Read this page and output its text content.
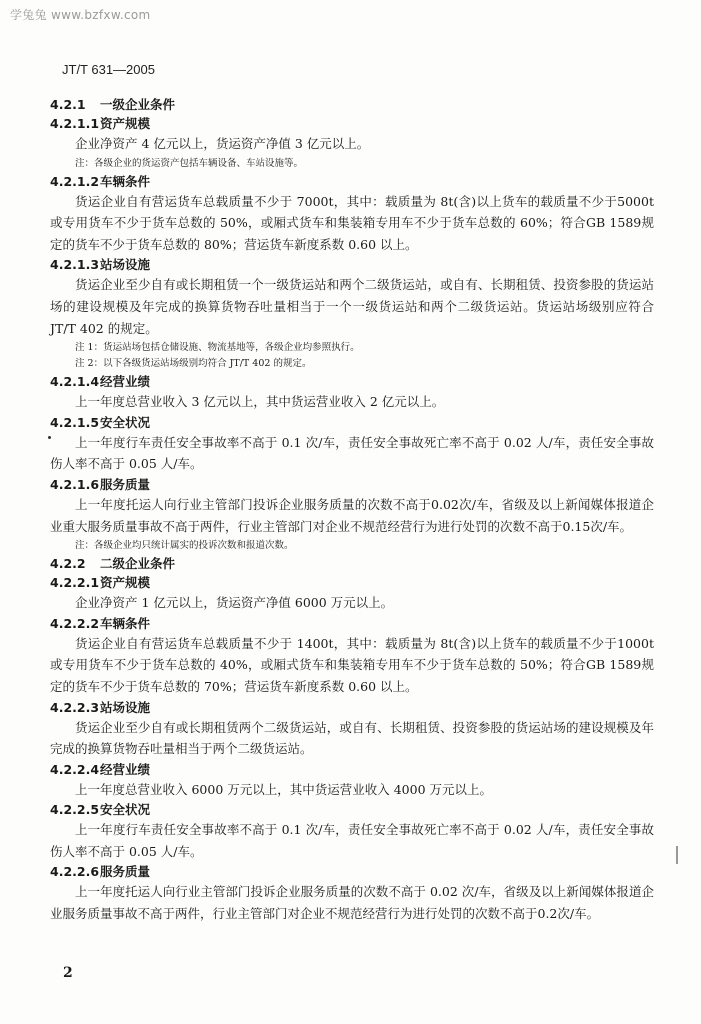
学兔兔 www.bzfxw.com
JT/T 631—2005
4.2.1 一级企业条件
4.2.1.1资产规模
企业净资产 4 亿元以上，货运资产净值 3 亿元以上。
注：各级企业的货运资产包括车辆设备、车站设施等。
4.2.1.2车辆条件
货运企业自有营运货车总载质量不少于 7000t，其中：载质量为 8t(含)以上货车的载质量不少于5000t或专用货车不少于货车总数的 50%，或厢式货车和集装箱专用车不少于货车总数的 60%；符合GB 1589规定的货车不少于货车总数的 80%；营运货车新度系数 0.60 以上。
4.2.1.3站场设施
货运企业至少自有或长期租赁一个一级货运站和两个二级货运站，或自有、长期租赁、投资参股的货运站场的建设规模及年完成的换算货物吞吐量相当于一个一级货运站和两个二级货运站。货运站场级别应符合 JT/T 402 的规定。
注 1：货运站场包括仓储设施、物流基地等，各级企业均参照执行。
注 2：以下各级货运站场级别均符合 JT/T 402 的规定。
4.2.1.4经营业绩
上一年度总营业收入 3 亿元以上，其中货运营业收入 2 亿元以上。
4.2.1.5安全状况
上一年度行车责任安全事故率不高于 0.1 次/车，责任安全事故死亡率不高于 0.02 人/车，责任安全事故伤人率不高于 0.05 人/车。
4.2.1.6服务质量
上一年度托运人向行业主管部门投诉企业服务质量的次数不高于0.02次/车，省级及以上新闻媒体报道企业重大服务质量事故不高于两件，行业主管部门对企业不规范经营行为进行处罚的次数不高于0.15次/车。
注：各级企业均只统计属实的投诉次数和报道次数。
4.2.2 二级企业条件
4.2.2.1资产规模
企业净资产 1 亿元以上，货运资产净值 6000 万元以上。
4.2.2.2车辆条件
货运企业自有营运货车总载质量不少于 1400t，其中：载质量为 8t(含)以上货车的载质量不少于1000t或专用货车不少于货车总数的 40%，或厢式货车和集装箱专用车不少于货车总数的 50%；符合GB 1589规定的货车不少于货车总数的 70%；营运货车新度系数 0.60 以上。
4.2.2.3站场设施
货运企业至少自有或长期租赁两个二级货运站，或自有、长期租赁、投资参股的货运站场的建设规模及年完成的换算货物吞吐量相当于两个二级货运站。
4.2.2.4经营业绩
上一年度总营业收入 6000 万元以上，其中货运营业收入 4000 万元以上。
4.2.2.5安全状况
上一年度行车责任安全事故率不高于 0.1 次/车，责任安全事故死亡率不高于 0.02 人/车，责任安全事故伤人率不高于 0.05 人/车。
4.2.2.6服务质量
上一年度托运人向行业主管部门投诉企业服务质量的次数不高于 0.02 次/车，省级及以上新闻媒体报道企业服务质量事故不高于两件，行业主管部门对企业不规范经营行为进行处罚的次数不高于0.2次/车。
2
